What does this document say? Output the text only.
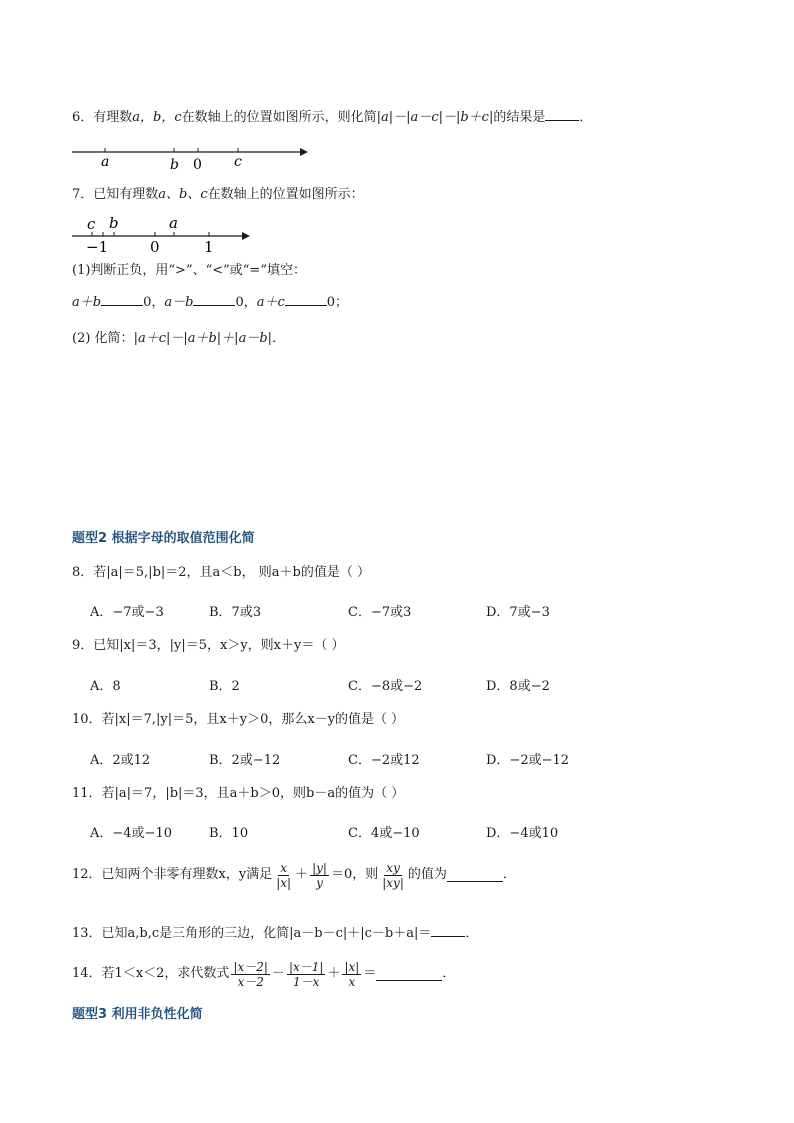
6．有理数a，b，c在数轴上的位置如图所示，则化简|a|－|a－c|－|b＋c|的结果是	．
a	b 0 c
7．已知有理数a、b、c在数轴上的位置如图所示：
c b	a
−1	0	1
(1)判断正负，用“>”、“<”或“=”填空：
a＋b	0，a－b	0，a＋c	0；
(2) 化简：|a＋c|－|a＋b|＋|a－b|．
题型2 根据字母的取值范围化简
8．若|a|＝5,|b|＝2，且a＜b， 则a＋b的值是（ ）
A．−7或−3	B．7或3	C．−7或3	D．7或−3
9．已知|x|＝3，|y|＝5，x＞y，则x＋y＝（ ）
A．8	B．2	C．−8或−2	D．8或−2
10．若|x|＝7,|y|＝5，且x＋y＞0，那么x－y的值是（ ）
A．2或12	B．2或−12	C．−2或12	D．−2或−12
11．若|a|＝7，|b|＝3，且a＋b＞0，则b－a的值为（ ）
A．−4或−10	B．10	C．4或−10	D．−4或10
12．已知两个非零有理数x，y满足 $\frac{x}{|x|} + \frac{|y|}{y} =0$，则 $\frac{xy}{|xy|}$ 的值为	．
13．已知a,b,c是三角形的三边，化简|a－b－c|＋|c－b＋a|＝	．
14．若1＜x＜2，求代数式 $\frac{|x-2|}{x-2} - \frac{|x-1|}{1-x} + \frac{|x|}{x}$ ＝	．
题型3 利用非负性化简
